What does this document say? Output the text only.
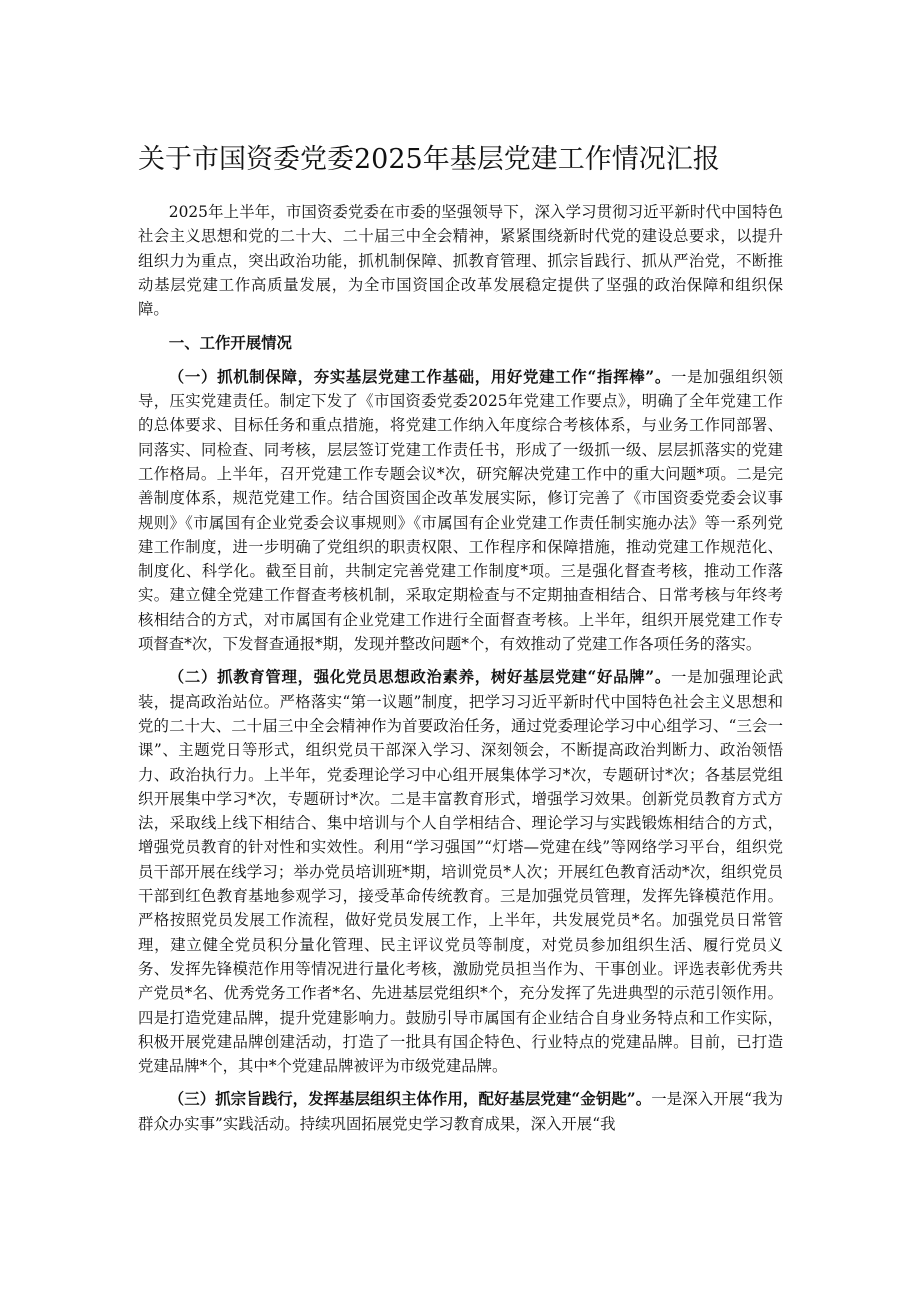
关于市国资委党委2025年基层党建工作情况汇报

2025年上半年，市国资委党委在市委的坚强领导下，深入学习贯彻习近平新时代中国特色社会主义思想和党的二十大、二十届三中全会精神，紧紧围绕新时代党的建设总要求，以提升组织力为重点，突出政治功能，抓机制保障、抓教育管理、抓宗旨践行、抓从严治党，不断推动基层党建工作高质量发展，为全市国资国企改革发展稳定提供了坚强的政治保障和组织保障。

一、工作开展情况

（一）抓机制保障，夯实基层党建工作基础，用好党建工作“指挥棒”。一是加强组织领导，压实党建责任。制定下发了《市国资委党委2025年党建工作要点》，明确了全年党建工作的总体要求、目标任务和重点措施，将党建工作纳入年度综合考核体系，与业务工作同部署、同落实、同检查、同考核，层层签订党建工作责任书，形成了一级抓一级、层层抓落实的党建工作格局。上半年，召开党建工作专题会议*次，研究解决党建工作中的重大问题*项。二是完善制度体系，规范党建工作。结合国资国企改革发展实际，修订完善了《市国资委党委会议事规则》《市属国有企业党委会议事规则》《市属国有企业党建工作责任制实施办法》等一系列党建工作制度，进一步明确了党组织的职责权限、工作程序和保障措施，推动党建工作规范化、制度化、科学化。截至目前，共制定完善党建工作制度*项。三是强化督查考核，推动工作落实。建立健全党建工作督查考核机制，采取定期检查与不定期抽查相结合、日常考核与年终考核相结合的方式，对市属国有企业党建工作进行全面督查考核。上半年，组织开展党建工作专项督查*次，下发督查通报*期，发现并整改问题*个，有效推动了党建工作各项任务的落实。

（二）抓教育管理，强化党员思想政治素养，树好基层党建“好品牌”。一是加强理论武装，提高政治站位。严格落实“第一议题”制度，把学习习近平新时代中国特色社会主义思想和党的二十大、二十届三中全会精神作为首要政治任务，通过党委理论学习中心组学习、“三会一课”、主题党日等形式，组织党员干部深入学习、深刻领会，不断提高政治判断力、政治领悟力、政治执行力。上半年，党委理论学习中心组开展集体学习*次，专题研讨*次；各基层党组织开展集中学习*次，专题研讨*次。二是丰富教育形式，增强学习效果。创新党员教育方式方法，采取线上线下相结合、集中培训与个人自学相结合、理论学习与实践锻炼相结合的方式，增强党员教育的针对性和实效性。利用“学习强国”“灯塔—党建在线”等网络学习平台，组织党员干部开展在线学习；举办党员培训班*期，培训党员*人次；开展红色教育活动*次，组织党员干部到红色教育基地参观学习，接受革命传统教育。三是加强党员管理，发挥先锋模范作用。严格按照党员发展工作流程，做好党员发展工作，上半年，共发展党员*名。加强党员日常管理，建立健全党员积分量化管理、民主评议党员等制度，对党员参加组织生活、履行党员义务、发挥先锋模范作用等情况进行量化考核，激励党员担当作为、干事创业。评选表彰优秀共产党员*名、优秀党务工作者*名、先进基层党组织*个，充分发挥了先进典型的示范引领作用。四是打造党建品牌，提升党建影响力。鼓励引导市属国有企业结合自身业务特点和工作实际，积极开展党建品牌创建活动，打造了一批具有国企特色、行业特点的党建品牌。目前，已打造党建品牌*个，其中*个党建品牌被评为市级党建品牌。

（三）抓宗旨践行，发挥基层组织主体作用，配好基层党建“金钥匙”。一是深入开展“我为群众办实事”实践活动。持续巩固拓展党史学习教育成果，深入开展“我
